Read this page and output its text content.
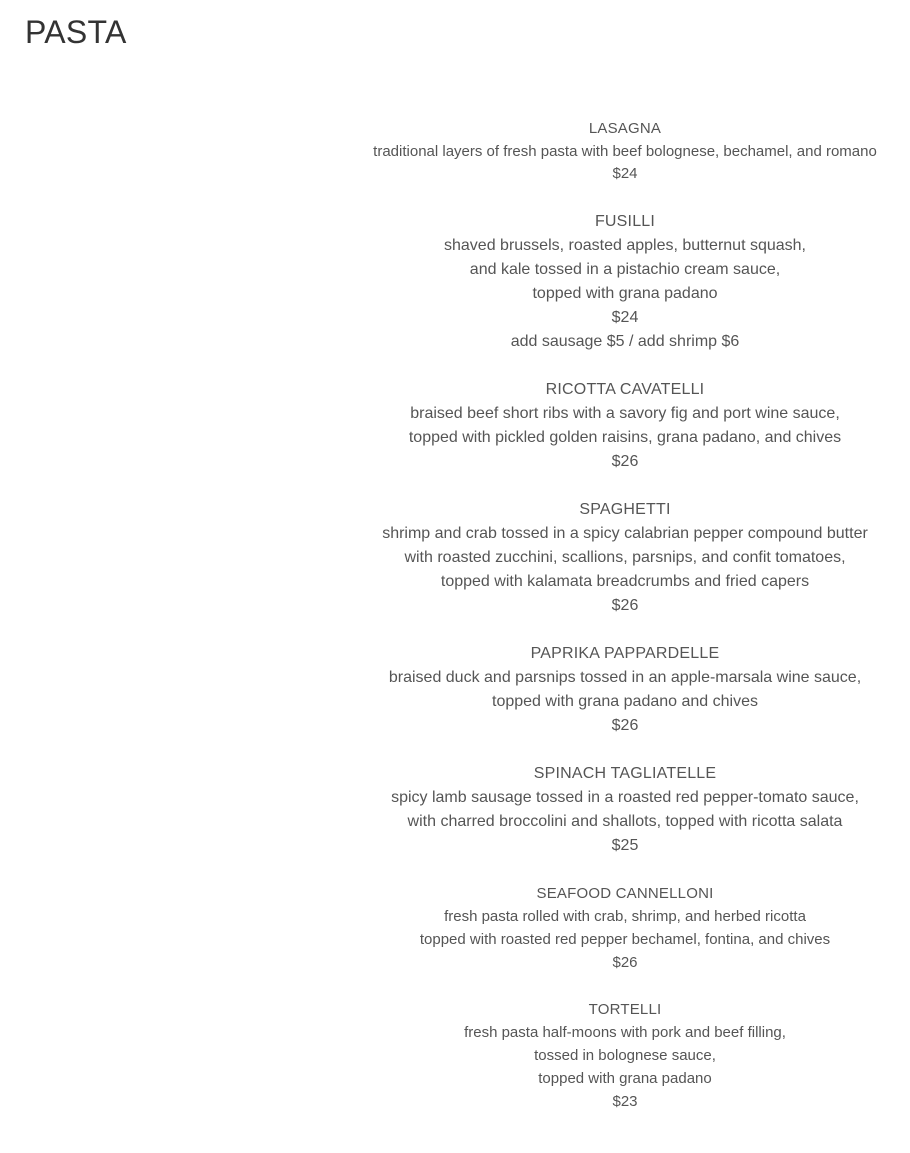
PASTA
LASAGNA
traditional layers of fresh pasta with beef bolognese, bechamel, and romano
$24
FUSILLI
shaved brussels, roasted apples, butternut squash,
and kale tossed in a pistachio cream sauce,
topped with grana padano
$24
add sausage $5 / add shrimp $6
RICOTTA CAVATELLI
braised beef short ribs with a savory fig and port wine sauce,
topped with pickled golden raisins, grana padano, and chives
$26
SPAGHETTI
shrimp and crab tossed in a spicy calabrian pepper compound butter
with roasted zucchini, scallions, parsnips, and confit tomatoes,
topped with kalamata breadcrumbs and fried capers
$26
PAPRIKA PAPPARDELLE
braised duck and parsnips tossed in an apple-marsala wine sauce,
topped with grana padano and chives
$26
SPINACH TAGLIATELLE
spicy lamb sausage tossed in a roasted red pepper-tomato sauce,
with charred broccolini and shallots, topped with ricotta salata
$25
SEAFOOD CANNELLONI
fresh pasta rolled with crab, shrimp, and herbed ricotta
topped with roasted red pepper bechamel, fontina, and chives
$26
TORTELLI
fresh pasta half-moons with pork and beef filling,
tossed in bolognese sauce,
topped with grana padano
$23
